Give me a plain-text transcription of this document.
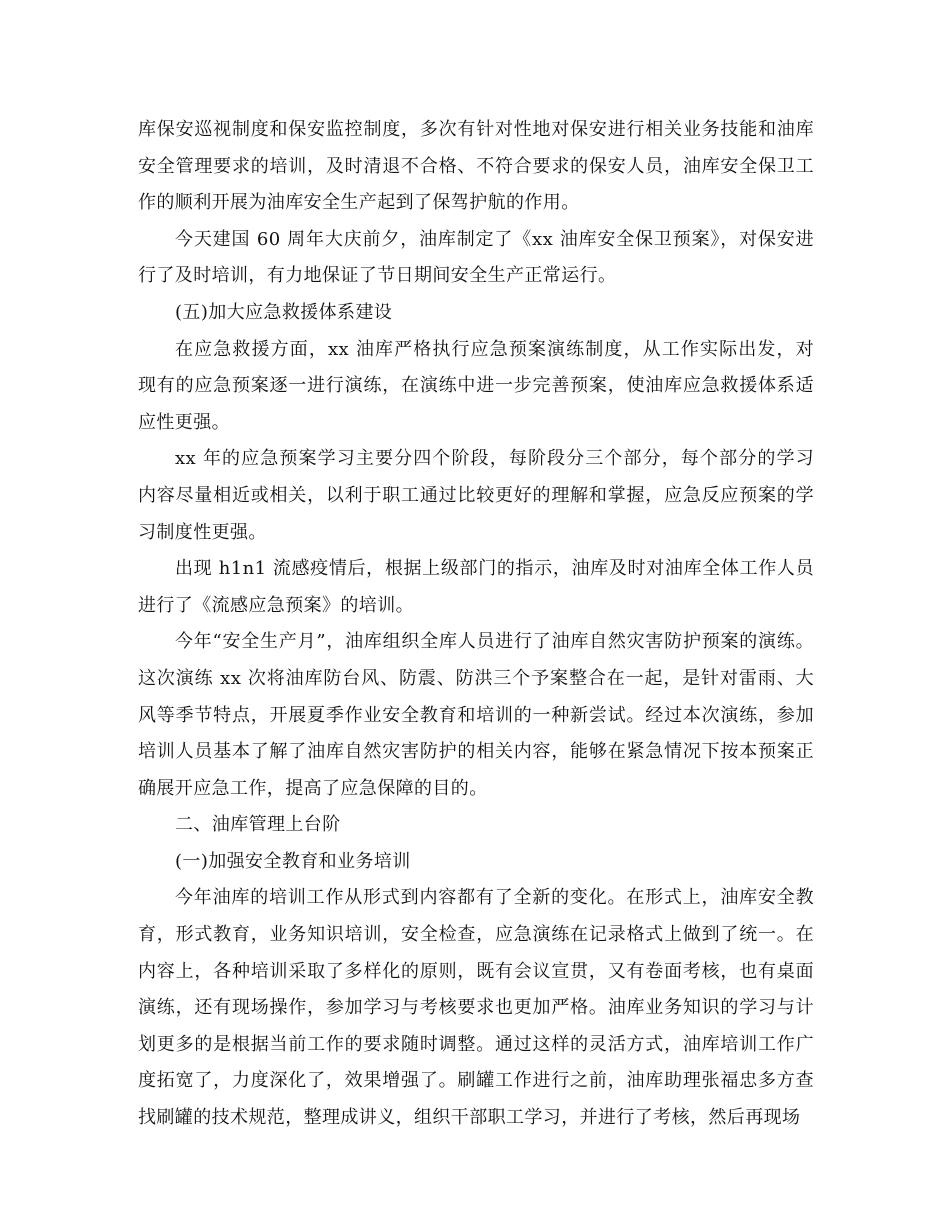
库保安巡视制度和保安监控制度，多次有针对性地对保安进行相关业务技能和油库
安全管理要求的培训，及时清退不合格、不符合要求的保安人员，油库安全保卫工
作的顺利开展为油库安全生产起到了保驾护航的作用。

今天建国 60 周年大庆前夕，油库制定了《xx 油库安全保卫预案》，对保安进
行了及时培训，有力地保证了节日期间安全生产正常运行。

(五)加大应急救援体系建设

在应急救援方面，xx 油库严格执行应急预案演练制度，从工作实际出发，对
现有的应急预案逐一进行演练，在演练中进一步完善预案，使油库应急救援体系适
应性更强。

xx 年的应急预案学习主要分四个阶段，每阶段分三个部分，每个部分的学习
内容尽量相近或相关，以利于职工通过比较更好的理解和掌握，应急反应预案的学
习制度性更强。

出现 h1n1 流感疫情后，根据上级部门的指示，油库及时对油库全体工作人员
进行了《流感应急预案》的培训。

今年“安全生产月”，油库组织全库人员进行了油库自然灾害防护预案的演练。
这次演练 xx 次将油库防台风、防震、防洪三个予案整合在一起，是针对雷雨、大
风等季节特点，开展夏季作业安全教育和培训的一种新尝试。经过本次演练，参加
培训人员基本了解了油库自然灾害防护的相关内容，能够在紧急情况下按本预案正
确展开应急工作，提高了应急保障的目的。

二、油库管理上台阶

(一)加强安全教育和业务培训

今年油库的培训工作从形式到内容都有了全新的变化。在形式上，油库安全教
育，形式教育，业务知识培训，安全检查，应急演练在记录格式上做到了统一。在
内容上，各种培训采取了多样化的原则，既有会议宣贯，又有卷面考核，也有桌面
演练，还有现场操作，参加学习与考核要求也更加严格。油库业务知识的学习与计
划更多的是根据当前工作的要求随时调整。通过这样的灵活方式，油库培训工作广
度拓宽了，力度深化了，效果增强了。刷罐工作进行之前，油库助理张福忠多方查
找刷罐的技术规范，整理成讲义，组织干部职工学习，并进行了考核，然后再现场
